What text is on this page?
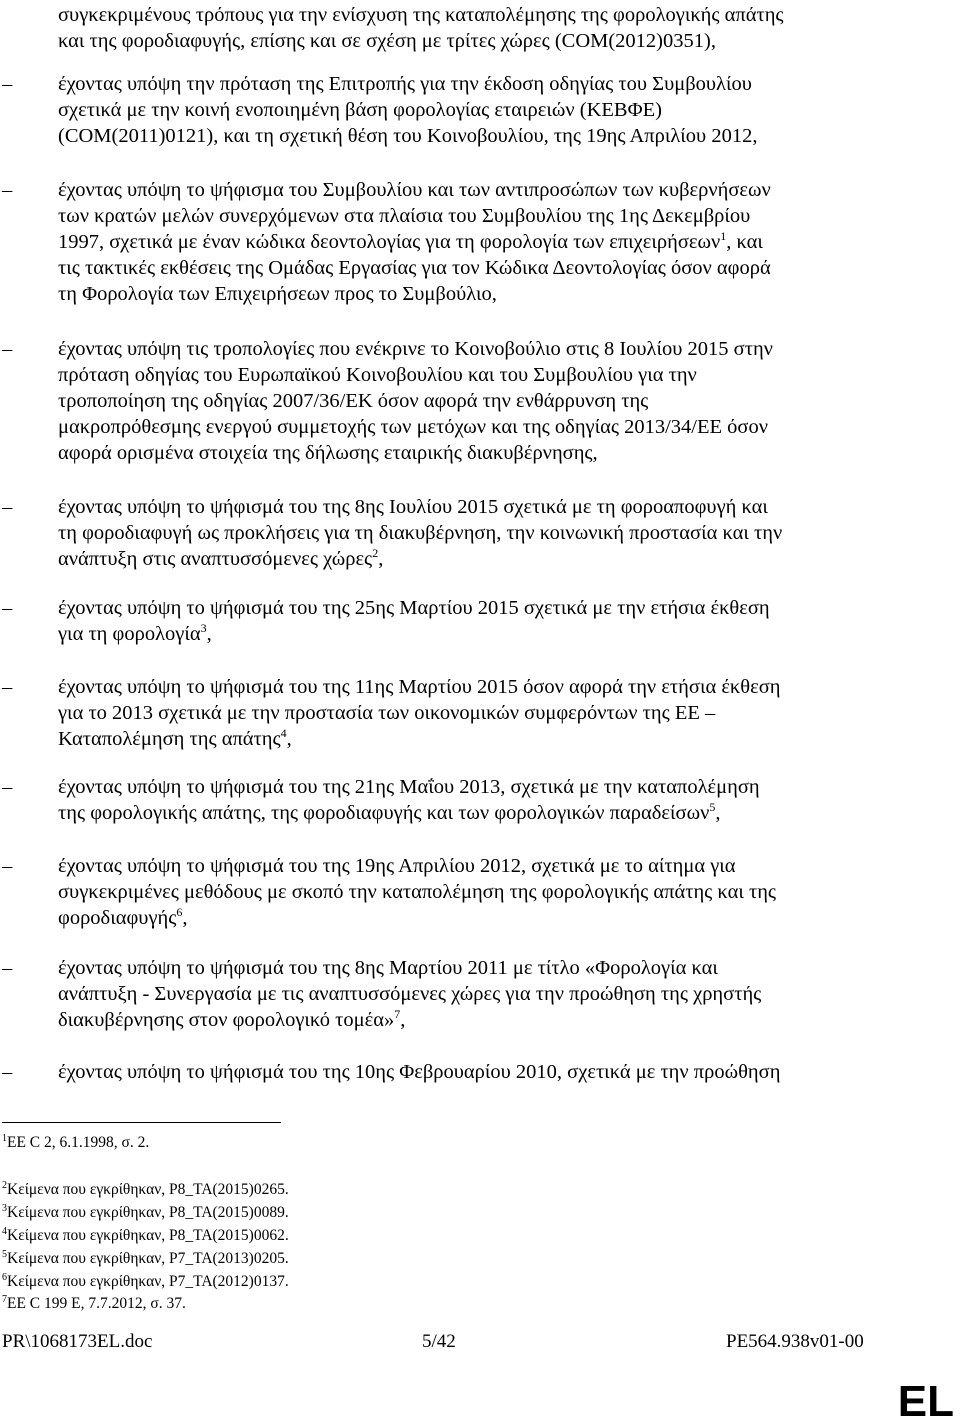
συγκεκριμένους τρόπους για την ενίσχυση της καταπολέμησης της φορολογικής απάτης
και της φοροδιαφυγής, επίσης και σε σχέση με τρίτες χώρες (COM(2012)0351),
–	έχοντας υπόψη την πρόταση της Επιτροπής για την έκδοση οδηγίας του Συμβουλίου
σχετικά με την κοινή ενοποιημένη βάση φορολογίας εταιρειών (ΚΕΒΦΕ)
(COM(2011)0121), και τη σχετική θέση του Κοινοβουλίου, της 19ης Απριλίου 2012,
–	έχοντας υπόψη το ψήφισμα του Συμβουλίου και των αντιπροσώπων των κυβερνήσεων
των κρατών μελών συνερχόμενων στα πλαίσια του Συμβουλίου της 1ης Δεκεμβρίου
1997, σχετικά με έναν κώδικα δεοντολογίας για τη φορολογία των επιχειρήσεων$^1$, και
τις τακτικές εκθέσεις της Ομάδας Εργασίας για τον Κώδικα Δεοντολογίας όσον αφορά
τη Φορολογία των Επιχειρήσεων προς το Συμβούλιο,
–	έχοντας υπόψη τις τροπολογίες που ενέκρινε το Κοινοβούλιο στις 8 Ιουλίου 2015 στην
πρόταση οδηγίας του Ευρωπαϊκού Κοινοβουλίου και του Συμβουλίου για την
τροποποίηση της οδηγίας 2007/36/ΕΚ όσον αφορά την ενθάρρυνση της
μακροπρόθεσμης ενεργού συμμετοχής των μετόχων και της οδηγίας 2013/34/ΕΕ όσον
αφορά ορισμένα στοιχεία της δήλωσης εταιρικής διακυβέρνησης,
–	έχοντας υπόψη το ψήφισμά του της 8ης Ιουλίου 2015 σχετικά με τη φοροαποφυγή και
τη φοροδιαφυγή ως προκλήσεις για τη διακυβέρνηση, την κοινωνική προστασία και την
ανάπτυξη στις αναπτυσσόμενες χώρες$^2$,
–	έχοντας υπόψη το ψήφισμά του της 25ης Μαρτίου 2015 σχετικά με την ετήσια έκθεση
για τη φορολογία$^3$,
–	έχοντας υπόψη το ψήφισμά του της 11ης Μαρτίου 2015 όσον αφορά την ετήσια έκθεση
για το 2013 σχετικά με την προστασία των οικονομικών συμφερόντων της ΕΕ –
Καταπολέμηση της απάτης$^4$,
–	έχοντας υπόψη το ψήφισμά του της 21ης Μαΐου 2013, σχετικά με την καταπολέμηση
της φορολογικής απάτης, της φοροδιαφυγής και των φορολογικών παραδείσων$^5$,
–	έχοντας υπόψη το ψήφισμά του της 19ης Απριλίου 2012, σχετικά με το αίτημα για
συγκεκριμένες μεθόδους με σκοπό την καταπολέμηση της φορολογικής απάτης και της
φοροδιαφυγής$^6$,
–	έχοντας υπόψη το ψήφισμά του της 8ης Μαρτίου 2011 με τίτλο «Φορολογία και
ανάπτυξη - Συνεργασία με τις αναπτυσσόμενες χώρες για την προώθηση της χρηστής
διακυβέρνησης στον φορολογικό τομέα»$^7$,
–	έχοντας υπόψη το ψήφισμά του της 10ης Φεβρουαρίου 2010, σχετικά με την προώθηση
$^1$ΕΕ C 2, 6.1.1998, σ. 2.
$^2$Κείμενα που εγκρίθηκαν, P8_TA(2015)0265.
$^3$Κείμενα που εγκρίθηκαν, P8_TA(2015)0089.
$^4$Κείμενα που εγκρίθηκαν, P8_TA(2015)0062.
$^5$Κείμενα που εγκρίθηκαν, P7_TA(2013)0205.
$^6$Κείμενα που εγκρίθηκαν, P7_TA(2012)0137.
$^7$ΕΕ C 199 E, 7.7.2012, σ. 37.
PR\1068173EL.doc	5/42	PE564.938v01-00
EL
